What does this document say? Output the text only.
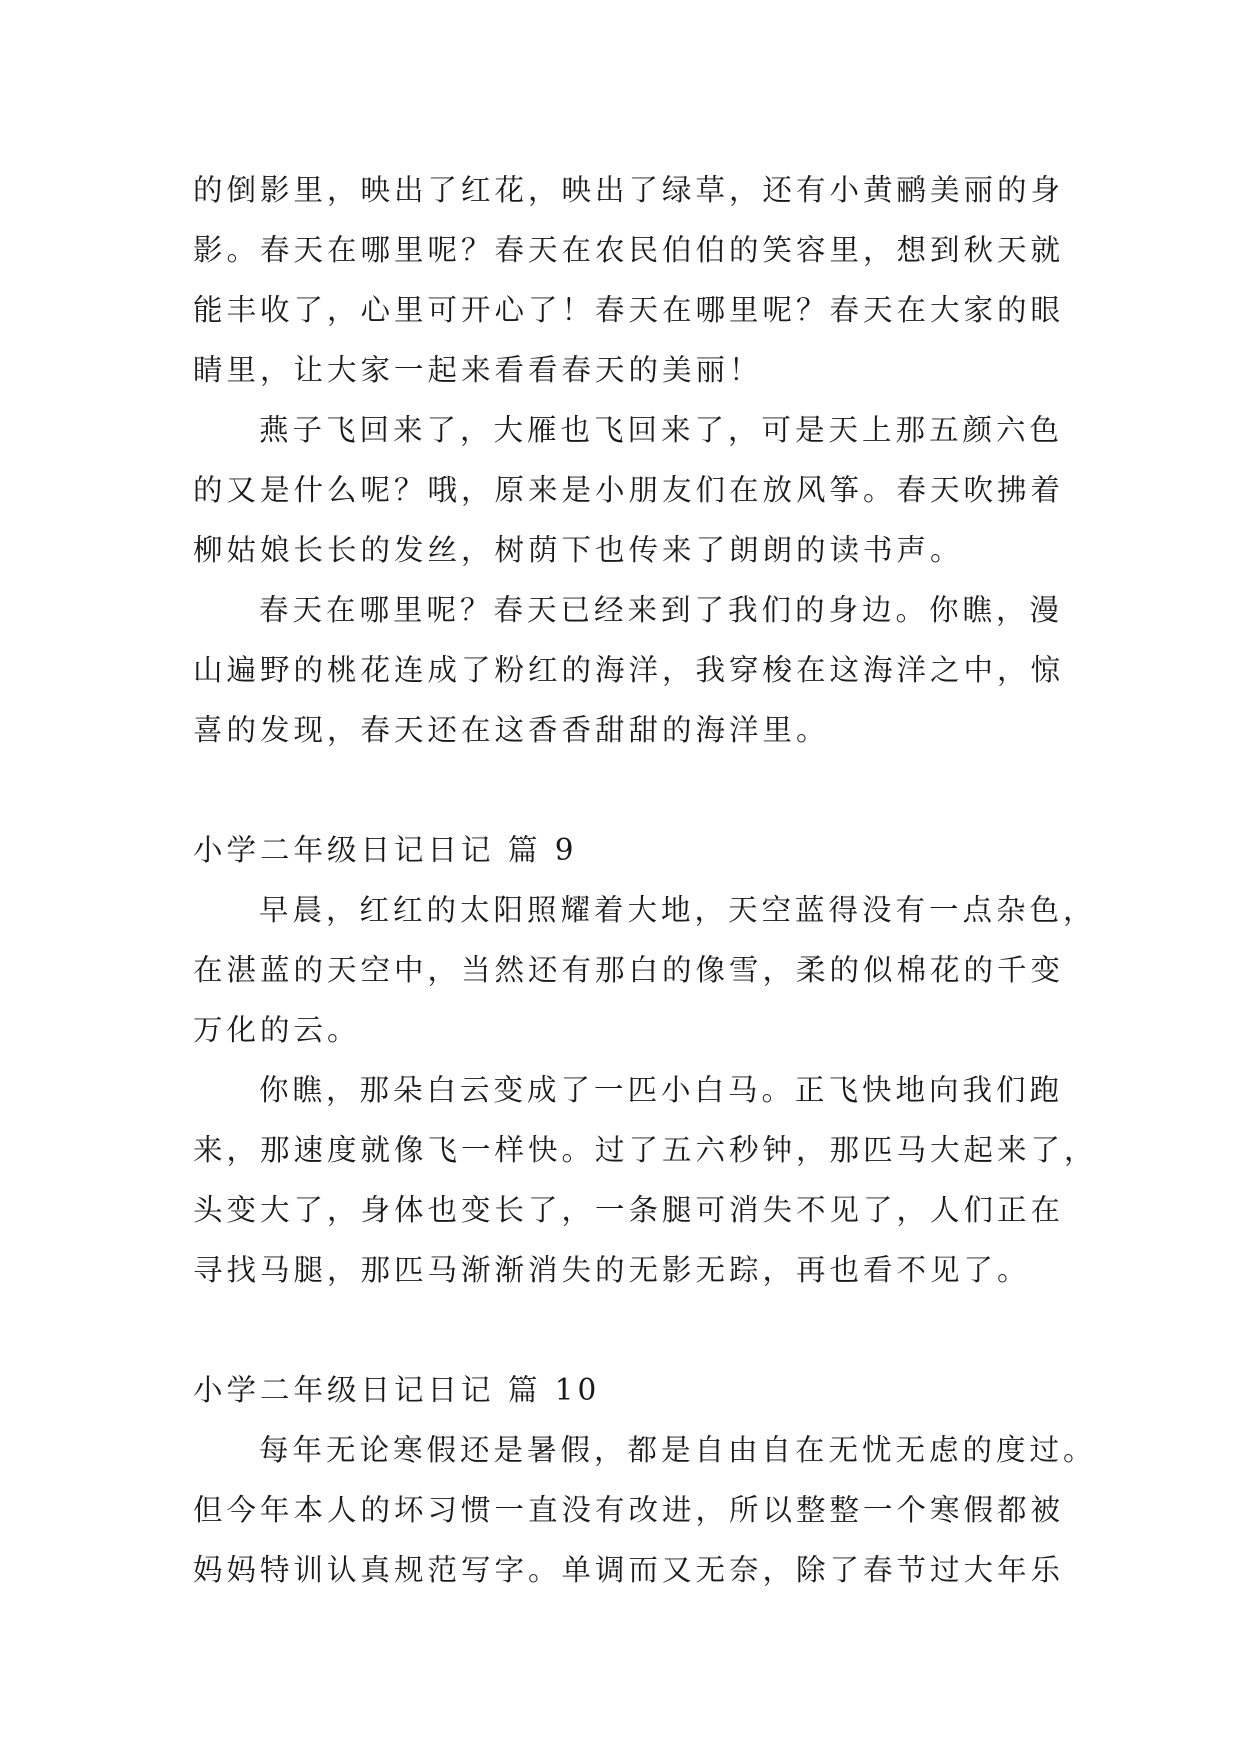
的倒影里，映出了红花，映出了绿草，还有小黄鹂美丽的身
影。春天在哪里呢？春天在农民伯伯的笑容里，想到秋天就
能丰收了，心里可开心了！春天在哪里呢？春天在大家的眼
睛里，让大家一起来看看春天的美丽！
燕子飞回来了，大雁也飞回来了，可是天上那五颜六色
的又是什么呢？哦，原来是小朋友们在放风筝。春天吹拂着
柳姑娘长长的发丝，树荫下也传来了朗朗的读书声。
春天在哪里呢？春天已经来到了我们的身边。你瞧，漫
山遍野的桃花连成了粉红的海洋，我穿梭在这海洋之中，惊
喜的发现，春天还在这香香甜甜的海洋里。
小学二年级日记日记 篇 9
早晨，红红的太阳照耀着大地，天空蓝得没有一点杂色，
在湛蓝的天空中，当然还有那白的像雪，柔的似棉花的千变
万化的云。
你瞧，那朵白云变成了一匹小白马。正飞快地向我们跑
来，那速度就像飞一样快。过了五六秒钟，那匹马大起来了，
头变大了，身体也变长了，一条腿可消失不见了，人们正在
寻找马腿，那匹马渐渐消失的无影无踪，再也看不见了。
小学二年级日记日记 篇 10
每年无论寒假还是暑假，都是自由自在无忧无虑的度过。
但今年本人的坏习惯一直没有改进，所以整整一个寒假都被
妈妈特训认真规范写字。单调而又无奈，除了春节过大年乐
